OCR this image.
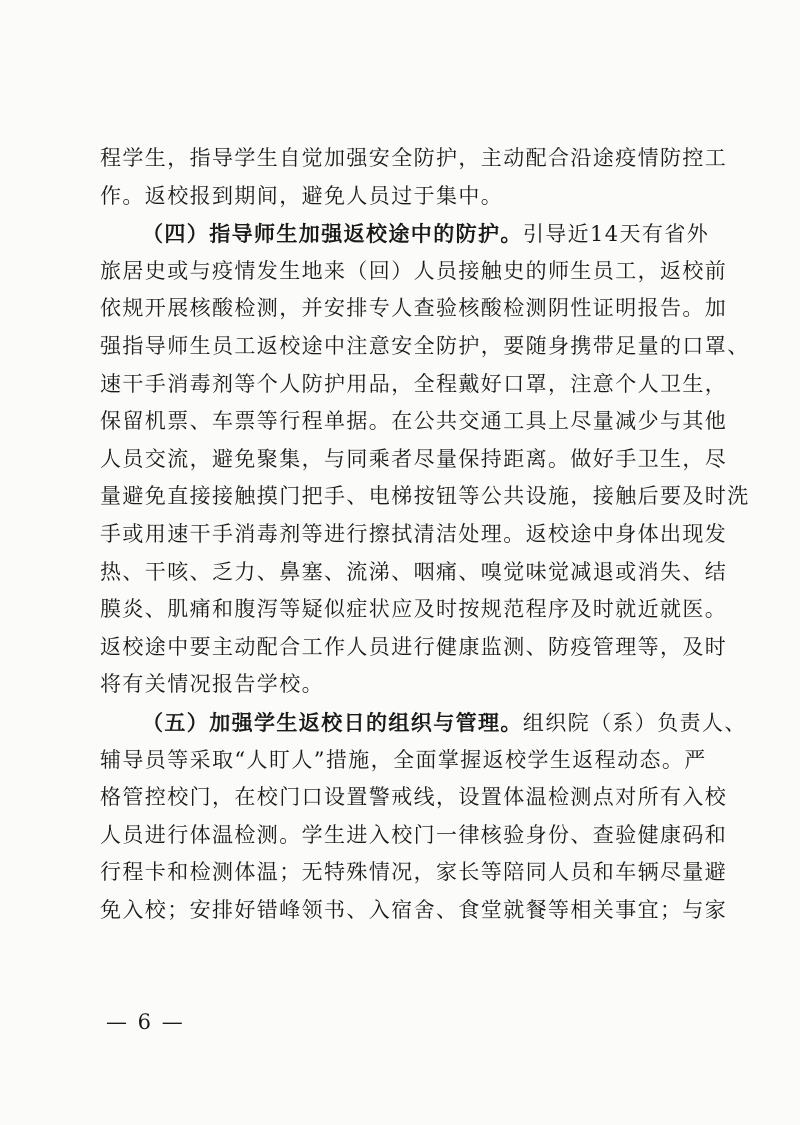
程学生，指导学生自觉加强安全防护，主动配合沿途疫情防控工
作。返校报到期间，避免人员过于集中。
（四）指导师生加强返校途中的防护。引导近14天有省外
旅居史或与疫情发生地来（回）人员接触史的师生员工，返校前
依规开展核酸检测，并安排专人查验核酸检测阴性证明报告。加
强指导师生员工返校途中注意安全防护，要随身携带足量的口罩、
速干手消毒剂等个人防护用品，全程戴好口罩，注意个人卫生，
保留机票、车票等行程单据。在公共交通工具上尽量减少与其他
人员交流，避免聚集，与同乘者尽量保持距离。做好手卫生，尽
量避免直接接触摸门把手、电梯按钮等公共设施，接触后要及时洗
手或用速干手消毒剂等进行擦拭清洁处理。返校途中身体出现发
热、干咳、乏力、鼻塞、流涕、咽痛、嗅觉味觉减退或消失、结
膜炎、肌痛和腹泻等疑似症状应及时按规范程序及时就近就医。
返校途中要主动配合工作人员进行健康监测、防疫管理等，及时
将有关情况报告学校。
（五）加强学生返校日的组织与管理。组织院（系）负责人、
辅导员等采取“人盯人”措施，全面掌握返校学生返程动态。严
格管控校门，在校门口设置警戒线，设置体温检测点对所有入校
人员进行体温检测。学生进入校门一律核验身份、查验健康码和
行程卡和检测体温；无特殊情况，家长等陪同人员和车辆尽量避
免入校；安排好错峰领书、入宿舍、食堂就餐等相关事宜；与家
— 6 —
